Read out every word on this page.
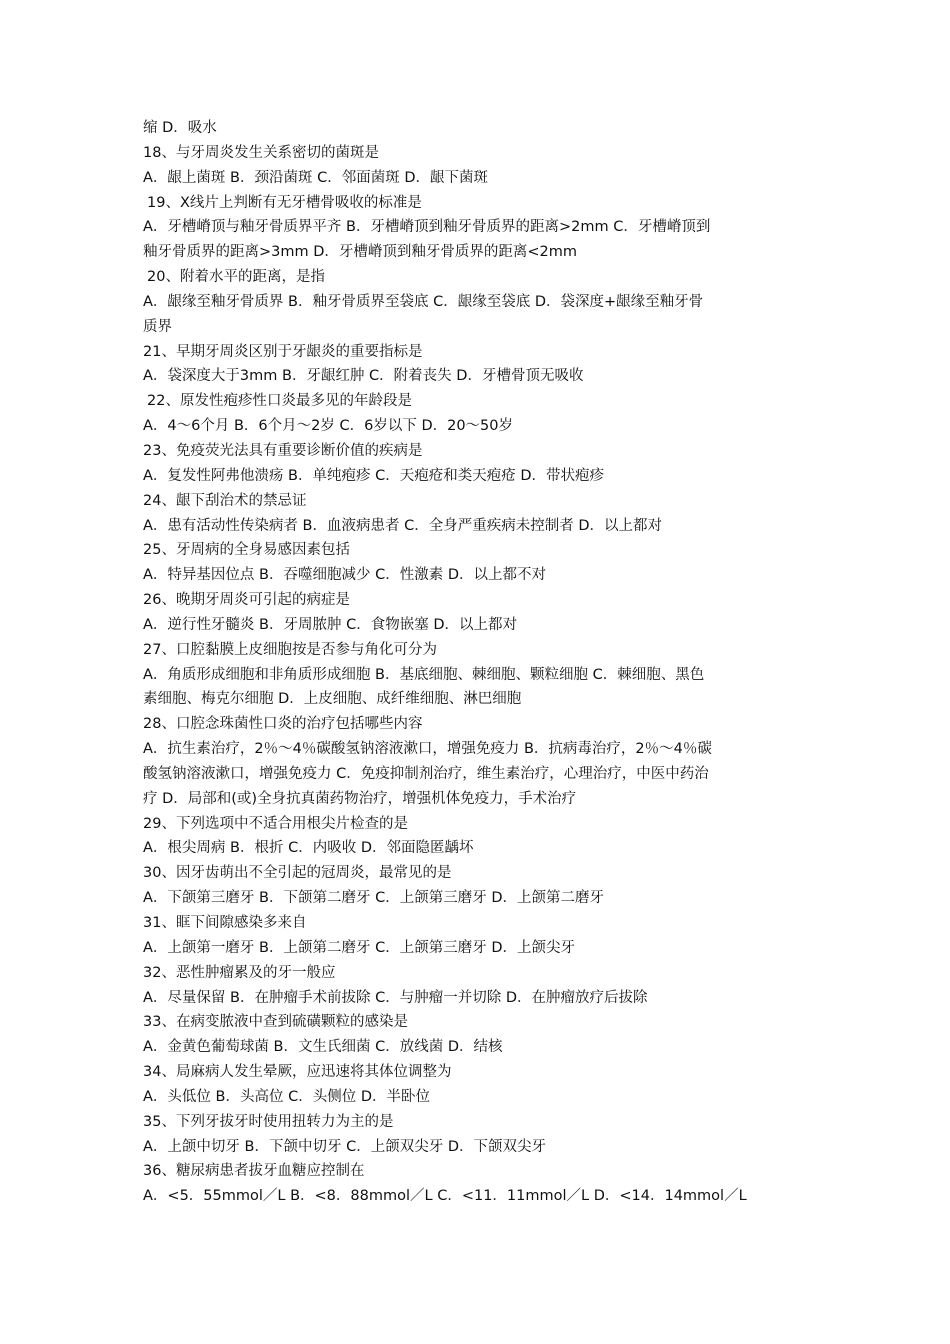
缩 D．吸水
18、与牙周炎发生关系密切的菌斑是
A．龈上菌斑 B．颈沿菌斑 C．邻面菌斑 D．龈下菌斑
19、X线片上判断有无牙槽骨吸收的标准是
A．牙槽嵴顶与釉牙骨质界平齐 B．牙槽嵴顶到釉牙骨质界的距离>2mm C．牙槽嵴顶到
釉牙骨质界的距离>3mm D．牙槽嵴顶到釉牙骨质界的距离<2mm
20、附着水平的距离，是指
A．龈缘至釉牙骨质界 B．釉牙骨质界至袋底 C．龈缘至袋底 D．袋深度+龈缘至釉牙骨
质界
21、早期牙周炎区别于牙龈炎的重要指标是
A．袋深度大于3mm B．牙龈红肿 C．附着丧失 D．牙槽骨顶无吸收
22、原发性疱疹性口炎最多见的年龄段是
A．4～6个月 B．6个月～2岁 C．6岁以下 D．20～50岁
23、免疫荧光法具有重要诊断价值的疾病是
A．复发性阿弗他溃疡 B．单纯疱疹 C．天疱疮和类天疱疮 D．带状疱疹
24、龈下刮治术的禁忌证
A．患有活动性传染病者 B．血液病患者 C．全身严重疾病未控制者 D．以上都对
25、牙周病的全身易感因素包括
A．特异基因位点 B．吞噬细胞减少 C．性激素 D．以上都不对
26、晚期牙周炎可引起的病症是
A．逆行性牙髓炎 B．牙周脓肿 C．食物嵌塞 D．以上都对
27、口腔黏膜上皮细胞按是否参与角化可分为
A．角质形成细胞和非角质形成细胞 B．基底细胞、棘细胞、颗粒细胞 C．棘细胞、黑色
素细胞、梅克尔细胞 D．上皮细胞、成纤维细胞、淋巴细胞
28、口腔念珠菌性口炎的治疗包括哪些内容
A．抗生素治疗，2％～4％碳酸氢钠溶液漱口，增强免疫力 B．抗病毒治疗，2％～4％碳
酸氢钠溶液漱口，增强免疫力 C．免疫抑制剂治疗，维生素治疗，心理治疗，中医中药治
疗 D．局部和(或)全身抗真菌药物治疗，增强机体免疫力，手术治疗
29、下列选项中不适合用根尖片检查的是
A．根尖周病 B．根折 C．内吸收 D．邻面隐匿龋坏
30、因牙齿萌出不全引起的冠周炎，最常见的是
A．下颌第三磨牙 B．下颌第二磨牙 C．上颌第三磨牙 D．上颌第二磨牙
31、眶下间隙感染多来自
A．上颌第一磨牙 B．上颌第二磨牙 C．上颌第三磨牙 D．上颌尖牙
32、恶性肿瘤累及的牙一般应
A．尽量保留 B．在肿瘤手术前拔除 C．与肿瘤一并切除 D．在肿瘤放疗后拔除
33、在病变脓液中查到硫磺颗粒的感染是
A．金黄色葡萄球菌 B．文生氏细菌 C．放线菌 D．结核
34、局麻病人发生晕厥，应迅速将其体位调整为
A．头低位 B．头高位 C．头侧位 D．半卧位
35、下列牙拔牙时使用扭转力为主的是
A．上颌中切牙 B．下颌中切牙 C．上颌双尖牙 D．下颌双尖牙
36、糖尿病患者拔牙血糖应控制在
A．<5．55mmol／L B．<8．88mmol／L C．<11．11mmol／L D．<14．14mmol／L
